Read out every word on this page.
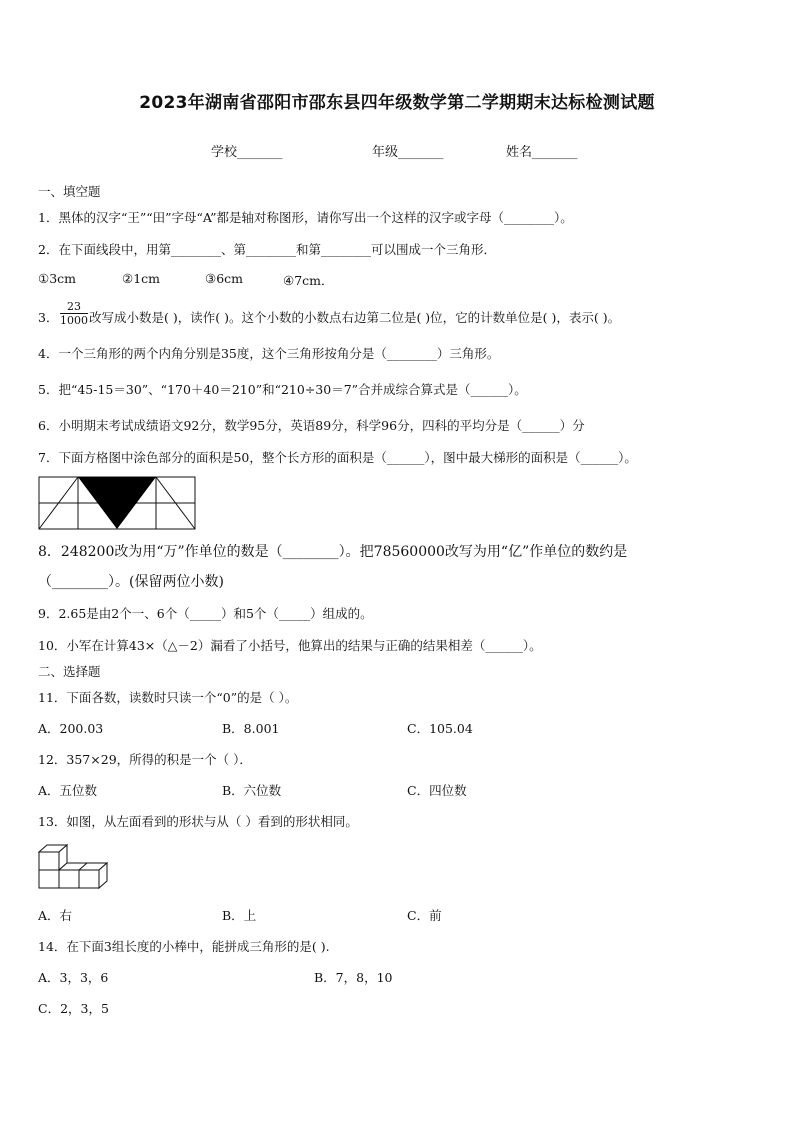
2023年湖南省邵阳市邵东县四年级数学第二学期期末达标检测试题
学校_______	年级_______	姓名_______
一、填空题
1．黑体的汉字“王”“田”字母“A”都是轴对称图形，请你写出一个这样的汉字或字母（________）。
2．在下面线段中，用第________、第________和第________可以围成一个三角形．
①3cm	②1cm	③6cm	④7cm．
3． $\frac{23}{1000}$ 改写成小数是( )，读作( )。这个小数的小数点右边第二位是( )位，它的计数单位是( )，表示( )。
4．一个三角形的两个内角分别是35度，这个三角形按角分是（________）三角形。
5．把“45-15＝30”、“170＋40＝210”和“210÷30＝7”合并成综合算式是（______）。
6．小明期末考试成绩语文92分，数学95分，英语89分，科学96分，四科的平均分是（______）分
7．下面方格图中涂色部分的面积是50，整个长方形的面积是（______），图中最大梯形的面积是（______）。
8．248200改为用“万”作单位的数是（________）。把78560000改写为用“亿”作单位的数约是
（________）。(保留两位小数)
9．2.65是由2个一、6个（_____）和5个（_____）组成的。
10．小军在计算43×（△－2）漏看了小括号，他算出的结果与正确的结果相差（______）。
二、选择题
11．下面各数，读数时只读一个“0”的是（ ）。
A．200.03	B．8.001	C．105.04
12．357×29，所得的积是一个（ ）．
A．五位数	B．六位数	C．四位数
13．如图，从左面看到的形状与从（ ）看到的形状相同。
A．右	B．上	C．前
14．在下面3组长度的小棒中，能拼成三角形的是( ).
A．3，3，6	B．7，8，10
C．2，3，5
